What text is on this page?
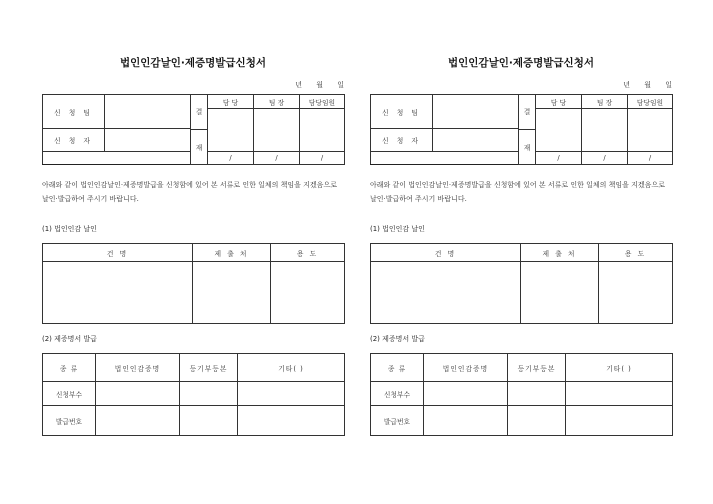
법인인감날인·제증명발급신청서
년 월 일
신 청 팀		결	담 당	팀 장	담당임원

신 청 자					
		재			
			/	/	/
아래와 같이 법인인감날인·제증명발급을 신청함에 있어 본 서류로 인한 일체의 책임을 지겠음으로 날인·발급하여 주시기 바랍니다.
(1) 법인인감 날인
건 명	제 출 처	용 도

(2) 제증명서 발급
종 류	법인인감증명	등기부등본	기타( )
신청부수			
발급번호			
법인인감날인·제증명발급신청서
년 월 일
신 청 팀		결	담 당	팀 장	담당임원

신 청 자					
		재			
			/	/	/
아래와 같이 법인인감날인·제증명발급을 신청함에 있어 본 서류로 인한 일체의 책임을 지겠음으로 날인·발급하여 주시기 바랍니다.
(1) 법인인감 날인
건 명	제 출 처	용 도

(2) 제증명서 발급
종 류	법인인감증명	등기부등본	기타( )
신청부수			
발급번호			
